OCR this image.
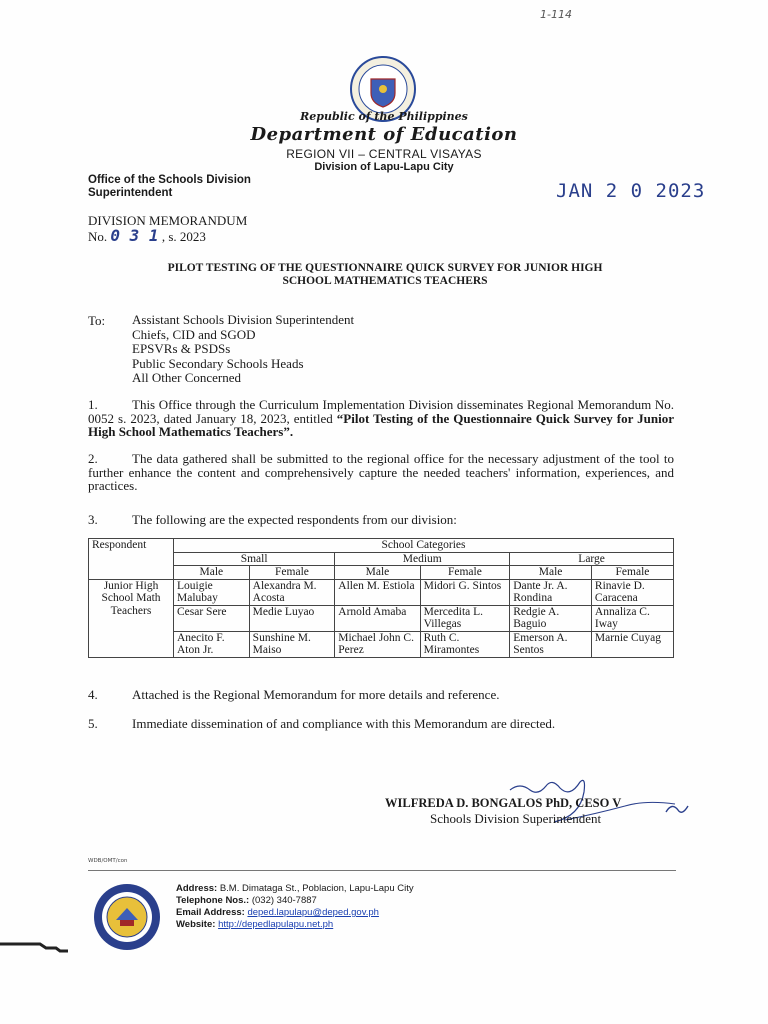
1-114
Republic of the Philippines
Department of Education
REGION VII – CENTRAL VISAYAS
Division of Lapu-Lapu City
Office of the Schools Division
Superintendent	JAN 2 0 2023
DIVISION MEMORANDUM
No. 0 3 1 , s. 2023
PILOT TESTING OF THE QUESTIONNAIRE QUICK SURVEY FOR JUNIOR HIGH
SCHOOL MATHEMATICS TEACHERS
To: Assistant Schools Division Superintendent
Chiefs, CID and SGOD
EPSVRs & PSDSs
Public Secondary Schools Heads
All Other Concerned
1.	This Office through the Curriculum Implementation Division disseminates Regional Memorandum No. 0052 s. 2023, dated January 18, 2023, entitled “Pilot Testing of the Questionnaire Quick Survey for Junior High School Mathematics Teachers”.
2.	The data gathered shall be submitted to the regional office for the necessary adjustment of the tool to further enhance the content and comprehensively capture the needed teachers' information, experiences, and practices.
3.	The following are the expected respondents from our division:
Respondent	School Categories					
	Small		Medium		Large	
	Male	Female	Male	Female	Male	Female
Junior High School Math Teachers	Louigie Malubay	Alexandra M. Acosta	Allen M. Estiola	Midori G. Sintos	Dante Jr. A. Rondina	Rinavie D. Caracena
	Cesar Sere	Medie Luyao	Arnold Amaba	Mercedita L. Villegas	Redgie A. Baguio	Annaliza C. Iway
	Anecito F. Aton Jr.	Sunshine M. Maiso	Michael John C. Perez	Ruth C. Miramontes	Emerson A. Sentos	Marnie Cuyag
4.	Attached is the Regional Memorandum for more details and reference.
5.	Immediate dissemination of and compliance with this Memorandum are directed.
WILFREDA D. BONGALOS PhD, CESO V
Schools Division Superintendent
WDB/OMT/con
Address: B.M. Dimataga St., Poblacion, Lapu-Lapu City
Telephone Nos.: (032) 340-7887
Email Address: deped.lapulapu@deped.gov.ph
Website: http://depedlapulapu.net.ph
